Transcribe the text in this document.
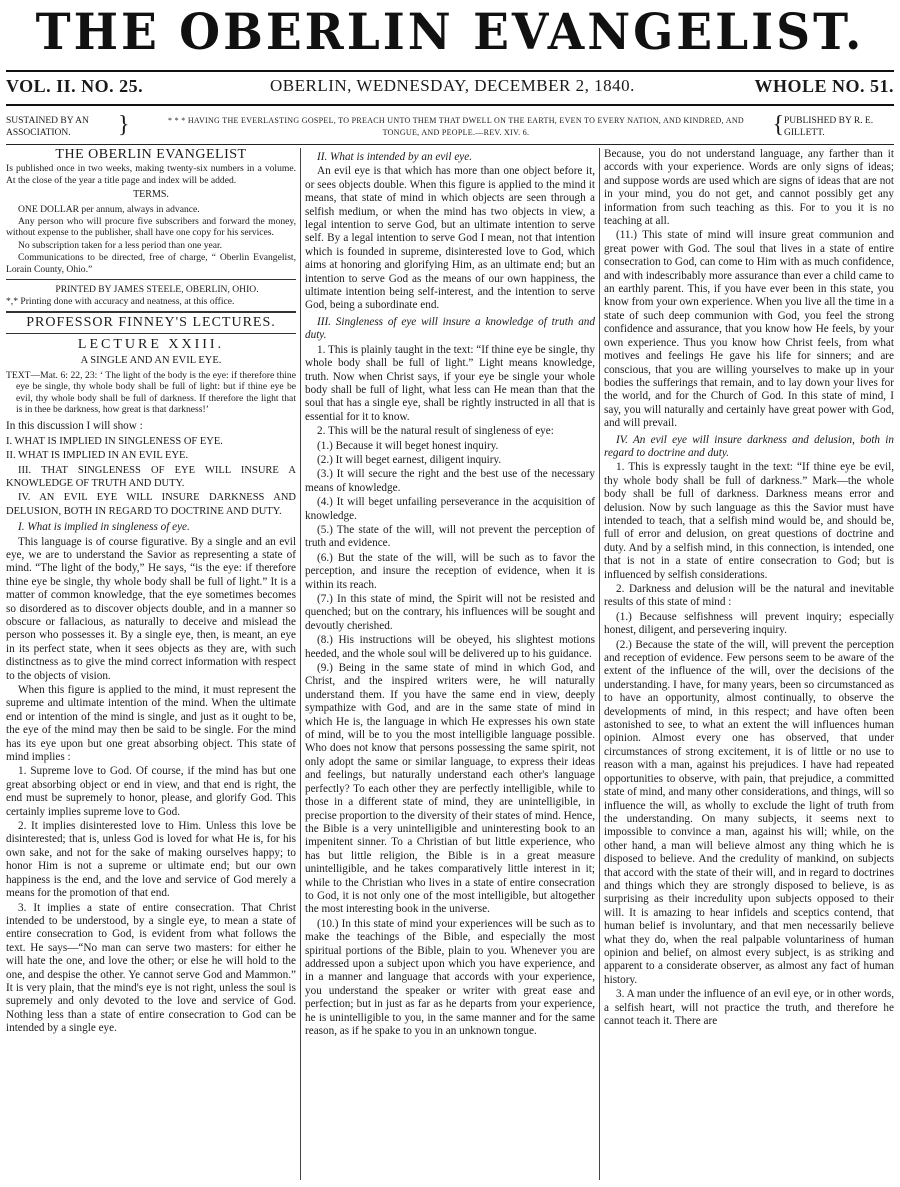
THE OBERLIN EVANGELIST.
VOL. II. NO. 25.	OBERLIN, WEDNESDAY, DECEMBER 2, 1840.	WHOLE NO. 51.
SUSTAINED BY AN ASSOCIATION.	}	* * * HAVING THE EVERLASTING GOSPEL, TO PREACH UNTO THEM THAT DWELL ON THE EARTH, EVEN TO EVERY NATION, AND KINDRED, AND TONGUE, AND PEOPLE.—REV. XIV. 6.	{ PUBLISHED BY R. E. GILLETT.
THE OBERLIN EVANGELIST

Is published once in two weeks, making twenty-six numbers in a volume. At the close of the year a title page and index will be added.

TERMS.

ONE DOLLAR per annum, always in advance.

Any person who will procure five subscribers and forward the money, without expense to the publisher, shall have one copy for his services.

No subscription taken for a less period than one year.

Communications to be directed, free of charge, “ Oberlin Evangelist, Lorain County, Ohio.”

PRINTED BY JAMES STEELE, OBERLIN, OHIO.

*,* Printing done with accuracy and neatness, at this office.

PROFESSOR FINNEY'S LECTURES.
LECTURE XXIII.
A SINGLE AND AN EVIL EYE.

TEXT—Mat. 6: 22, 23: ‘ The light of the body is the eye: if therefore thine eye be single, thy whole body shall be full of light: but if thine eye be evil, thy whole body shall be full of darkness. If therefore the light that is in thee be darkness, how great is that darkness!’

In this discussion I will show :

I. WHAT IS IMPLIED IN SINGLENESS OF EYE.

II. WHAT IS IMPLIED IN AN EVIL EYE.

III. THAT SINGLENESS OF EYE WILL INSURE A KNOWLEDGE OF TRUTH AND DUTY.

IV. AN EVIL EYE WILL INSURE DARKNESS AND DELUSION, BOTH IN REGARD TO DOCTRINE AND DUTY.

I. What is implied in singleness of eye.

This language is of course figurative. By a single and an evil eye, we are to understand the Savior as representing a state of mind. “The light of the body,” He says, “is the eye: if therefore thine eye be single, thy whole body shall be full of light.” It is a matter of common knowledge, that the eye sometimes becomes so disordered as to discover objects double, and in a manner so obscure or fallacious, as naturally to deceive and mislead the person who possesses it. By a single eye, then, is meant, an eye in its perfect state, when it sees objects as they are, with such distinctness as to give the mind correct information with respect to the objects of vision.

When this figure is applied to the mind, it must represent the supreme and ultimate intention of the mind. When the ultimate end or intention of the mind is single, and just as it ought to be, the eye of the mind may then be said to be single. For the mind has its eye upon but one great absorbing object. This state of mind implies :

1. Supreme love to God. Of course, if the mind has but one great absorbing object or end in view, and that end is right, the end must be supremely to honor, please, and glorify God. This certainly implies supreme love to God.

2. It implies disinterested love to Him. Unless this love be disinterested; that is, unless God is loved for what He is, for his own sake, and not for the sake of making ourselves happy; to honor Him is not a supreme or ultimate end; but our own happiness is the end, and the love and service of God merely a means for the promotion of that end.

3. It implies a state of entire consecration. That Christ intended to be understood, by a single eye, to mean a state of entire consecration to God, is evident from what follows the text. He says—“No man can serve two masters: for either he will hate the one, and love the other; or else he will hold to the one, and despise the other. Ye cannot serve God and Mammon.” It is very plain, that the mind's eye is not right, unless the soul is supremely and only devoted to the love and service of God. Nothing less than a state of entire consecration to God can be intended by a single eye.

II. What is intended by an evil eye.

An evil eye is that which has more than one object before it, or sees objects double. When this figure is applied to the mind it means, that state of mind in which objects are seen through a selfish medium, or when the mind has two objects in view, a legal intention to serve God, but an ultimate intention to serve self. By a legal intention to serve God I mean, not that intention which is founded in supreme, disinterested love to God, which aims at honoring and glorifying Him, as an ultimate end; but an intention to serve God as the means of our own happiness, the ultimate intention being self-interest, and the intention to serve God, being a subordinate end.

III. Singleness of eye will insure a knowledge of truth and duty.

1. This is plainly taught in the text: “If thine eye be single, thy whole body shall be full of light.” Light means knowledge, truth. Now when Christ says, if your eye be single your whole body shall be full of light, what less can He mean than that the soul that has a single eye, shall be rightly instructed in all that is essential for it to know.

2. This will be the natural result of singleness of eye:

(1.) Because it will beget honest inquiry.

(2.) It will beget earnest, diligent inquiry.

(3.) It will secure the right and the best use of the necessary means of knowledge.

(4.) It will beget unfailing perseverance in the acquisition of knowledge.

(5.) The state of the will, will not prevent the perception of truth and evidence.

(6.) But the state of the will, will be such as to favor the perception, and insure the reception of evidence, when it is within its reach.

(7.) In this state of mind, the Spirit will not be resisted and quenched; but on the contrary, his influences will be sought and devoutly cherished.

(8.) His instructions will be obeyed, his slightest motions heeded, and the whole soul will be delivered up to his guidance.

(9.) Being in the same state of mind in which God, and Christ, and the inspired writers were, he will naturally understand them. If you have the same end in view, deeply sympathize with God, and are in the same state of mind in which He is, the language in which He expresses his own state of mind, will be to you the most intelligible language possible. Who does not know that persons possessing the same spirit, not only adopt the same or similar language, to express their ideas and feelings, but naturally understand each other's language perfectly? To each other they are perfectly intelligible, while to those in a different state of mind, they are unintelligible, in precise proportion to the diversity of their states of mind. Hence, the Bible is a very unintelligible and uninteresting book to an impenitent sinner. To a Christian of but little experience, who has but little religion, the Bible is in a great measure unintelligible, and he takes comparatively little interest in it; while to the Christian who lives in a state of entire consecration to God, it is not only one of the most intelligible, but altogether the most interesting book in the universe.

(10.) In this state of mind your experiences will be such as to make the teachings of the Bible, and especially the most spiritual portions of the Bible, plain to you. Whenever you are addressed upon a subject upon which you have experience, and in a manner and language that accords with your experience, you understand the speaker or writer with great ease and perfection; but in just as far as he departs from your experience, he is unintelligible to you, in the same manner and for the same reason, as if he spake to you in an unknown tongue.

Because, you do not understand language, any farther than it accords with your experience. Words are only signs of ideas; and suppose words are used which are signs of ideas that are not in your mind, you do not get, and cannot possibly get any information from such teaching as this. For to you it is no teaching at all.

(11.) This state of mind will insure great communion and great power with God. The soul that lives in a state of entire consecration to God, can come to Him with as much confidence, and with indescribably more assurance than ever a child came to an earthly parent. This, if you have ever been in this state, you know from your own experience. When you live all the time in a state of such deep communion with God, you feel the strong confidence and assurance, that you know how He feels, by your own experience. Thus you know how Christ feels, from what motives and feelings He gave his life for sinners; and are conscious, that you are willing yourselves to make up in your bodies the sufferings that remain, and to lay down your lives for the world, and for the Church of God. In this state of mind, I say, you will naturally and certainly have great power with God, and will prevail.

IV. An evil eye will insure darkness and delusion, both in regard to doctrine and duty.

1. This is expressly taught in the text: “If thine eye be evil, thy whole body shall be full of darkness.” Mark—the whole body shall be full of darkness. Darkness means error and delusion. Now by such language as this the Savior must have intended to teach, that a selfish mind would be, and should be, full of error and delusion, on great questions of doctrine and duty. And by a selfish mind, in this connection, is intended, one that is not in a state of entire consecration to God; but is influenced by selfish considerations.

2. Darkness and delusion will be the natural and inevitable results of this state of mind :

(1.) Because selfishness will prevent inquiry; especially honest, diligent, and persevering inquiry.

(2.) Because the state of the will, will prevent the perception and reception of evidence. Few persons seem to be aware of the extent of the influence of the will, over the decisions of the understanding. I have, for many years, been so circumstanced as to have an opportunity, almost continually, to observe the developments of mind, in this respect; and have often been astonished to see, to what an extent the will influences human opinion. Almost every one has observed, that under circumstances of strong excitement, it is of little or no use to reason with a man, against his prejudices. I have had repeated opportunities to observe, with pain, that prejudice, a committed state of mind, and many other considerations, and things, will so influence the will, as wholly to exclude the light of truth from the understanding. On many subjects, it seems next to impossible to convince a man, against his will; while, on the other hand, a man will believe almost any thing which he is disposed to believe. And the credulity of mankind, on subjects that accord with the state of their will, and in regard to doctrines and things which they are strongly disposed to believe, is as surprising as their incredulity upon subjects opposed to their will. It is amazing to hear infidels and sceptics contend, that human belief is involuntary, and that men necessarily believe what they do, when the real palpable voluntariness of human opinion and belief, on almost every subject, is as striking and apparent to a considerate observer, as almost any fact of human history.

3. A man under the influence of an evil eye, or in other words, a selfish heart, will not practice the truth, and therefore he cannot teach it. There are
